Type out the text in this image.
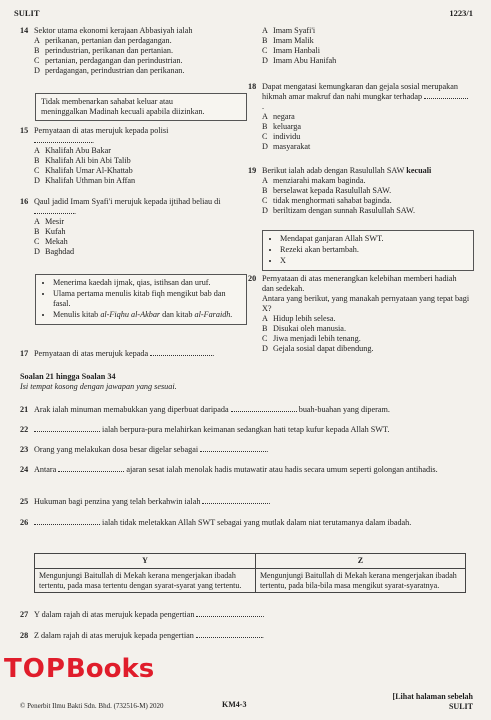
SULIT	1223/1
14 Sektor utama ekonomi kerajaan Abbasiyah ialah
A perikanan, pertanian dan perdagangan.
B perindustrian, perikanan dan pertanian.
C pertanian, perdagangan dan perindustrian.
D perdagangan, perindustrian dan perikanan.
Tidak membenarkan sahabat keluar atau
meninggalkan Madinah kecuali apabila diizinkan.
15 Pernyataan di atas merujuk kepada polisi
.
A Khalifah Abu Bakar
B Khalifah Ali bin Abi Talib
C Khalifah Umar Al-Khattab
D Khalifah Uthman bin Affan
16 Qaul jadid Imam Syafi'i merujuk kepada ijtihad beliau di .
A Mesir
B Kufah
C Mekah
D Baghdad
• Menerima kaedah ijmak, qias, istihsan dan uruf.
• Ulama pertama menulis kitab fiqh mengikut bab dan fasal.
• Menulis kitab al-Fiqhu al-Akbar dan kitab al-Faraidh.
17 Pernyataan di atas merujuk kepada	.
A Imam Syafi'i
B Imam Malik
C Imam Hanbali
D Imam Abu Hanifah
18 Dapat mengatasi kemungkaran dan gejala sosial merupakan hikmah amar makruf dan nahi mungkar terhadap .
A negara
B keluarga
C individu
D masyarakat
19 Berikut ialah adab dengan Rasulullah SAW kecuali
A menziarahi makam baginda.
B berselawat kepada Rasulullah SAW.
C tidak menghormati sahabat baginda.
D beriltizam dengan sunnah Rasulullah SAW.
• Mendapat ganjaran Allah SWT.
• Rezeki akan bertambah.
• X
20 Pernyataan di atas menerangkan kelebihan memberi hadiah dan sedekah.
Antara yang berikut, yang manakah pernyataan yang tepat bagi X?
A Hidup lebih selesa.
B Disukai oleh manusia.
C Jiwa menjadi lebih tenang.
D Gejala sosial dapat dibendung.
Soalan 21 hingga Soalan 34
Isi tempat kosong dengan jawapan yang sesuai.
21 Arak ialah minuman memabukkan yang diperbuat daripada	buah-buahan yang diperam.
22	ialah berpura-pura melahirkan keimanan sedangkan hati tetap kufur kepada Allah SWT.
23 Orang yang melakukan dosa besar digelar sebagai	.
24 Antara	ajaran sesat ialah menolak hadis mutawatir atau hadis secara umum seperti golongan antihadis.
25 Hukuman bagi penzina yang telah berkahwin ialah	.
26	ialah tidak meletakkan Allah SWT sebagai yang mutlak dalam niat terutamanya dalam ibadah.
Y	Z
Mengunjungi Baitullah di Mekah kerana mengerjakan ibadah tertentu, pada masa tertentu dengan syarat-syarat yang tertentu.	Mengunjungi Baitullah di Mekah kerana mengerjakan ibadah tertentu, pada bila-bila masa mengikut syarat-syaratnya.
27 Y dalam rajah di atas merujuk kepada pengertian	.
28 Z dalam rajah di atas merujuk kepada pengertian	.
TOPBooks
© Penerbit Ilmu Bakti Sdn. Bhd. (732516-M) 2020	KM4-3
[Lihat halaman sebelah
SULIT
